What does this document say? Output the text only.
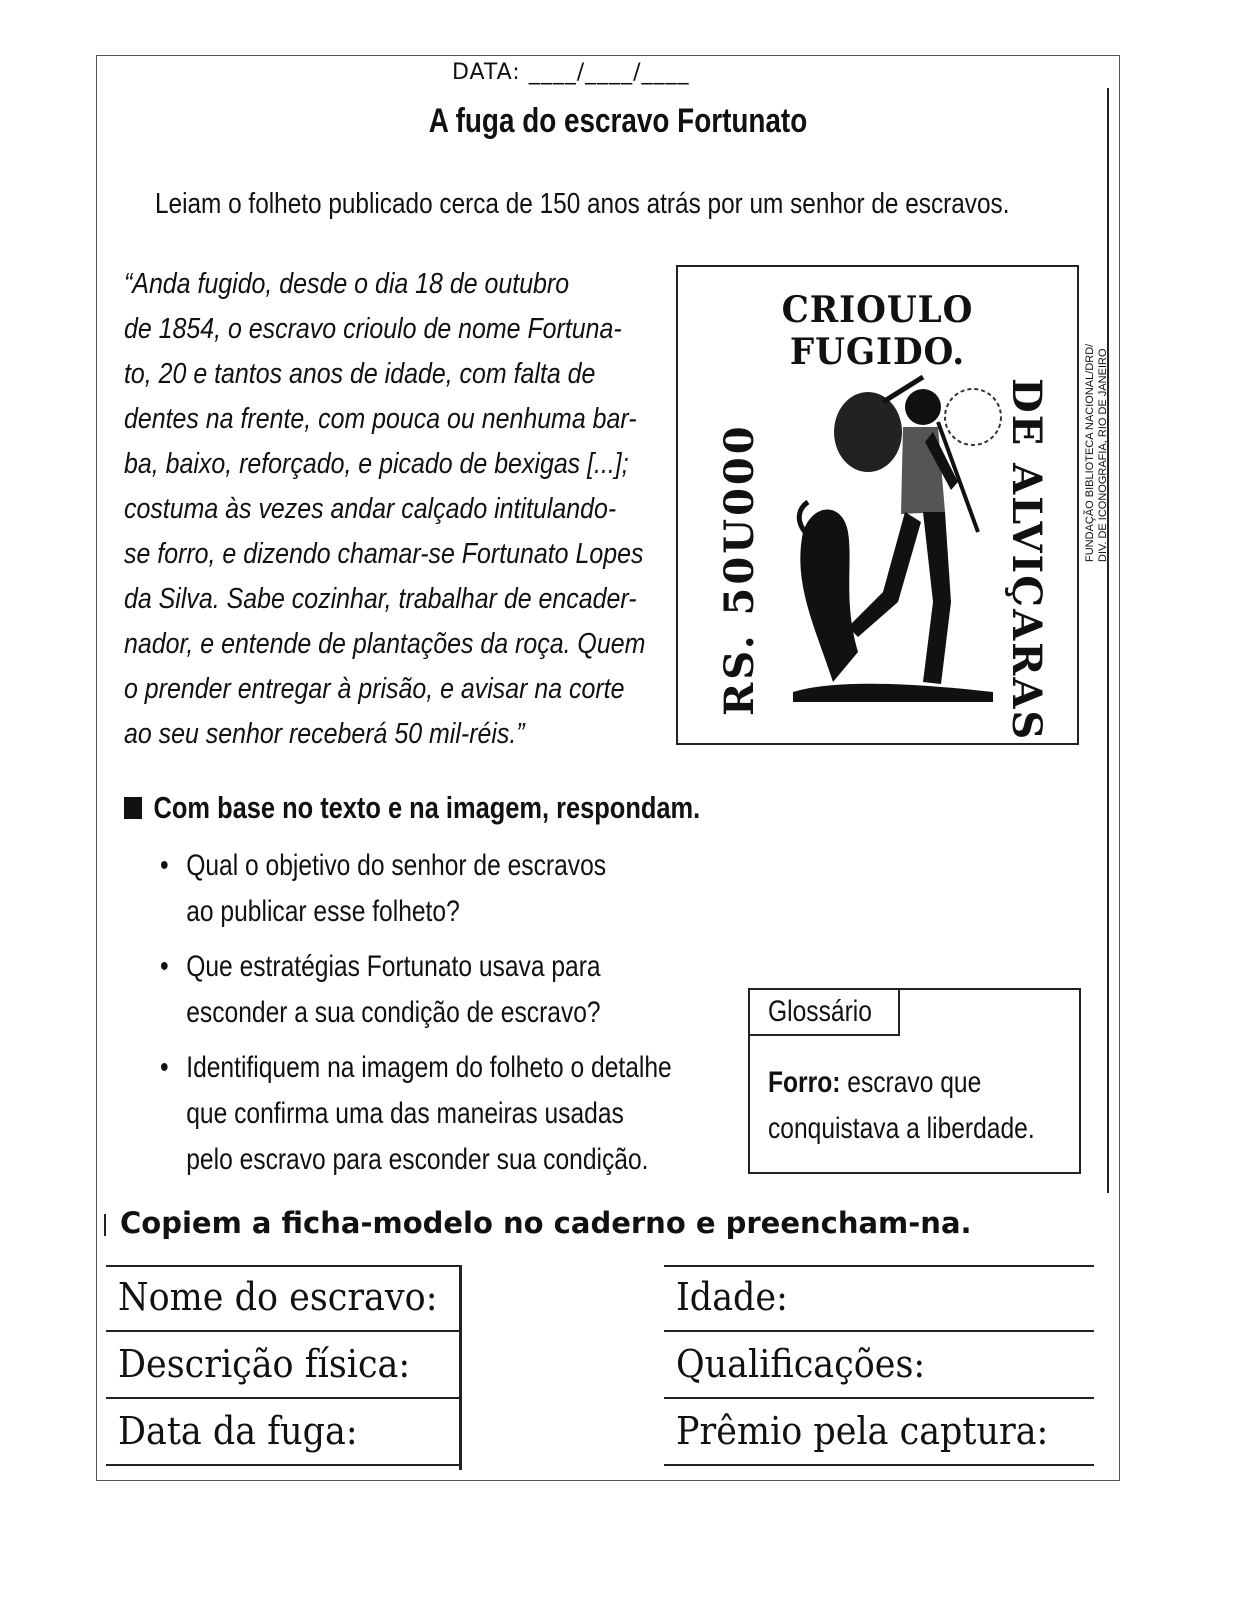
DATA: ____/____/____
A fuga do escravo Fortunato
Leiam o folheto publicado cerca de 150 anos atrás por um senhor de escravos.
“Anda fugido, desde o dia 18 de outubro
de 1854, o escravo crioulo de nome Fortuna-
to, 20 e tantos anos de idade, com falta de
dentes na frente, com pouca ou nenhuma bar-
ba, baixo, reforçado, e picado de bexigas [...];
costuma às vezes andar calçado intitulando-
se forro, e dizendo chamar-se Fortunato Lopes
da Silva. Sabe cozinhar, trabalhar de encader-
nador, e entende de plantações da roça. Quem
o prender entregar à prisão, e avisar na corte
ao seu senhor receberá 50 mil-réis.”
CRIOULO FUGIDO.
RS. 50U000	DE ALVIÇARAS	FUNDAÇÃO BIBLIOTECA NACIONAL/DRD/ DIV. DE ICONOGRAFIA, RIO DE JANEIRO
Com base no texto e na imagem, respondam.
• Qual o objetivo do senhor de escravos
ao publicar esse folheto?
• Que estratégias Fortunato usava para
esconder a sua condição de escravo?
• Identifiquem na imagem do folheto o detalhe
que confirma uma das maneiras usadas
pelo escravo para esconder sua condição.
Glossário
Forro: escravo que
conquistava a liberdade.
Copiem a ficha-modelo no caderno e preencham-na.
Nome do escravo:
Descrição física:
Data da fuga:
Idade:
Qualificações:
Prêmio pela captura:
